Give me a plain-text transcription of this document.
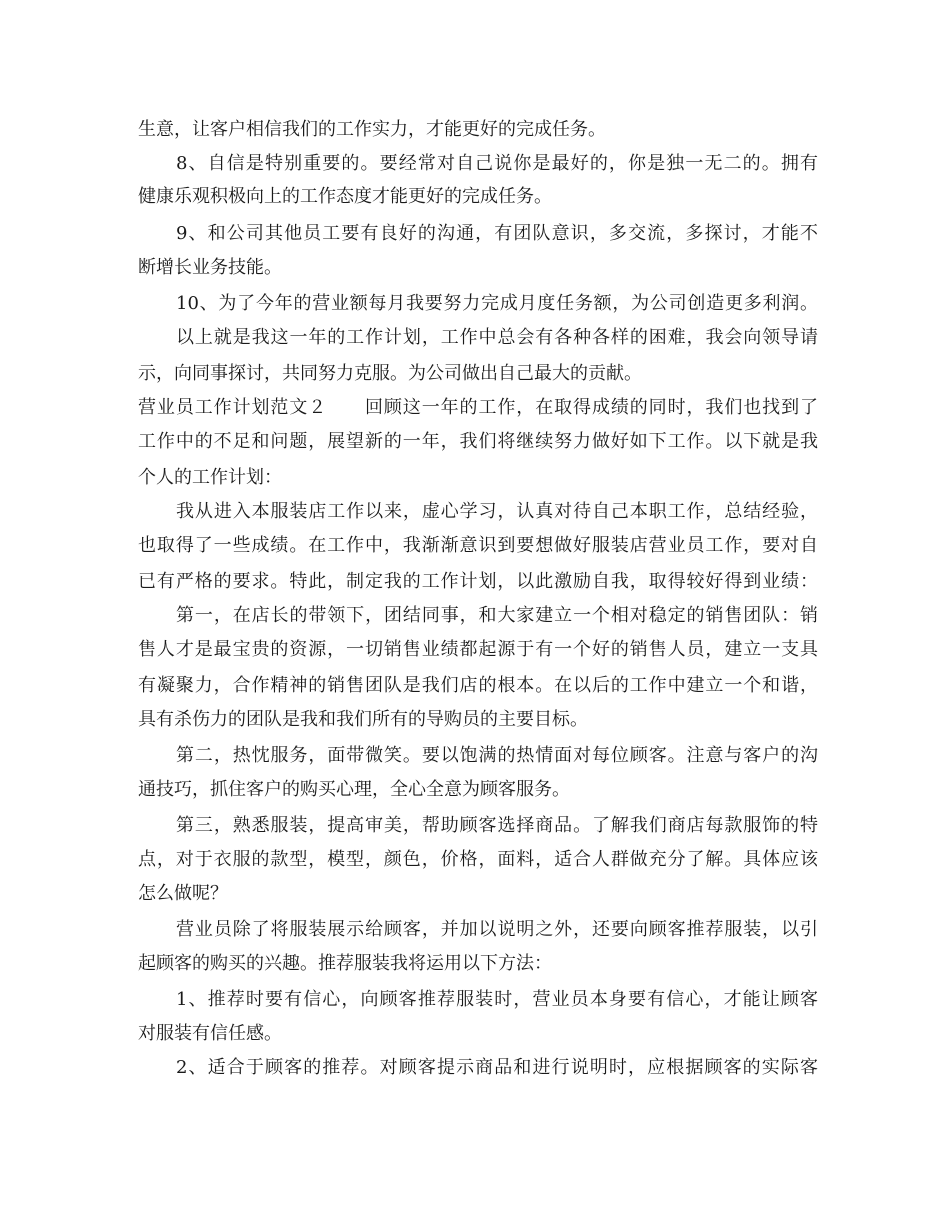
生意，让客户相信我们的工作实力，才能更好的完成任务。
8、自信是特别重要的。要经常对自己说你是最好的，你是独一无二的。拥有
健康乐观积极向上的工作态度才能更好的完成任务。
9、和公司其他员工要有良好的沟通，有团队意识，多交流，多探讨，才能不
断增长业务技能。
10、为了今年的营业额每月我要努力完成月度任务额，为公司创造更多利润。
以上就是我这一年的工作计划，工作中总会有各种各样的困难，我会向领导请
示，向同事探讨，共同努力克服。为公司做出自己最大的贡献。
营业员工作计划范文２　　回顾这一年的工作，在取得成绩的同时，我们也找到了
工作中的不足和问题，展望新的一年，我们将继续努力做好如下工作。以下就是我
个人的工作计划：
我从进入本服装店工作以来，虚心学习，认真对待自己本职工作，总结经验，
也取得了一些成绩。在工作中，我渐渐意识到要想做好服装店营业员工作，要对自
已有严格的要求。特此，制定我的工作计划，以此激励自我，取得较好得到业绩：
第一，在店长的带领下，团结同事，和大家建立一个相对稳定的销售团队：销
售人才是最宝贵的资源，一切销售业绩都起源于有一个好的销售人员，建立一支具
有凝聚力，合作精神的销售团队是我们店的根本。在以后的工作中建立一个和谐，
具有杀伤力的团队是我和我们所有的导购员的主要目标。
第二，热忱服务，面带微笑。要以饱满的热情面对每位顾客。注意与客户的沟
通技巧，抓住客户的购买心理，全心全意为顾客服务。
第三，熟悉服装，提高审美，帮助顾客选择商品。了解我们商店每款服饰的特
点，对于衣服的款型，模型，颜色，价格，面料，适合人群做充分了解。具体应该
怎么做呢？
营业员除了将服装展示给顾客，并加以说明之外，还要向顾客推荐服装，以引
起顾客的购买的兴趣。推荐服装我将运用以下方法：
1、推荐时要有信心，向顾客推荐服装时，营业员本身要有信心，才能让顾客
对服装有信任感。
2、适合于顾客的推荐。对顾客提示商品和进行说明时，应根据顾客的实际客
